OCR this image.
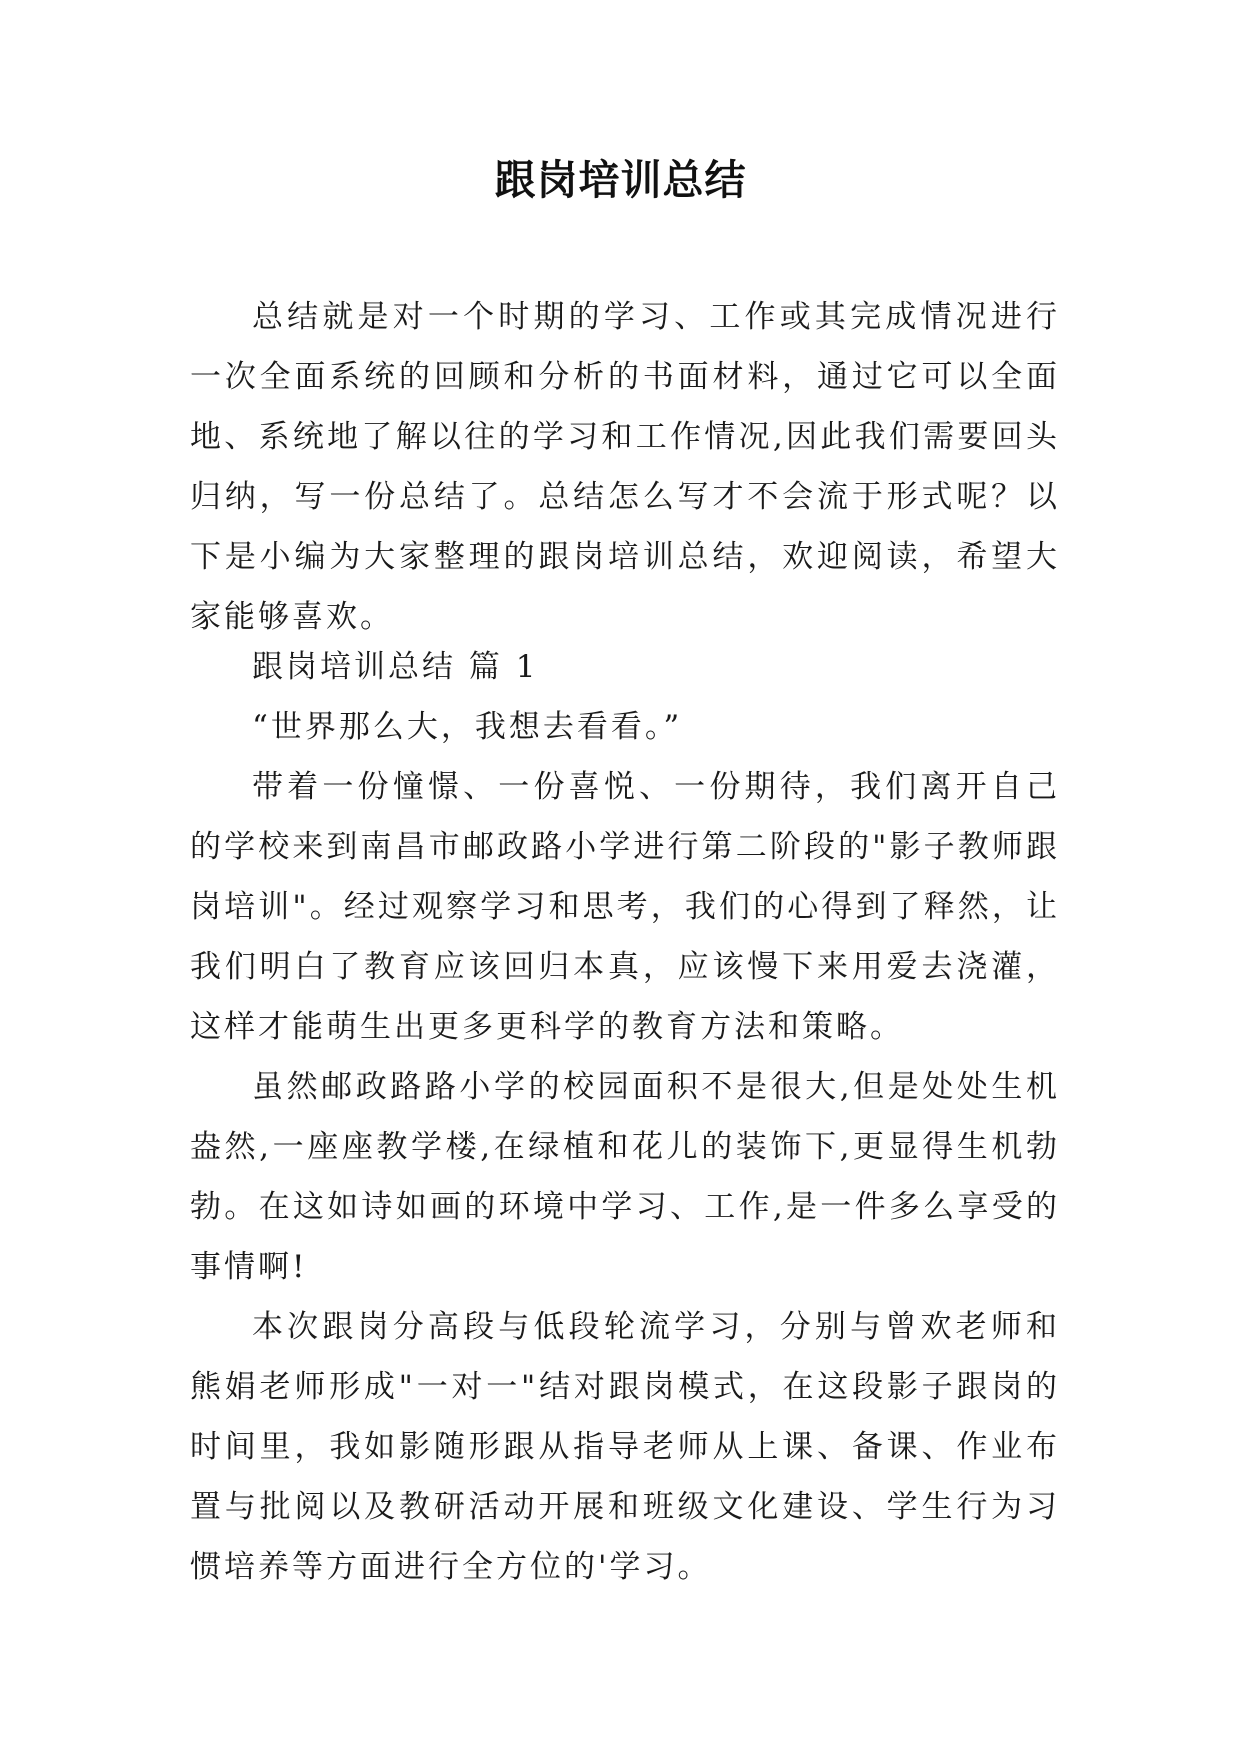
跟岗培训总结

总结就是对一个时期的学习、工作或其完成情况进行一次全面系统的回顾和分析的书面材料，通过它可以全面地、系统地了解以往的学习和工作情况,因此我们需要回头归纳，写一份总结了。总结怎么写才不会流于形式呢？以下是小编为大家整理的跟岗培训总结，欢迎阅读，希望大家能够喜欢。

跟岗培训总结 篇 1

“世界那么大，我想去看看。”

带着一份憧憬、一份喜悦、一份期待，我们离开自己的学校来到南昌市邮政路小学进行第二阶段的"影子教师跟岗培训"。经过观察学习和思考，我们的心得到了释然，让我们明白了教育应该回归本真，应该慢下来用爱去浇灌，这样才能萌生出更多更科学的教育方法和策略。

虽然邮政路路小学的校园面积不是很大,但是处处生机盎然,一座座教学楼,在绿植和花儿的装饰下,更显得生机勃勃。在这如诗如画的环境中学习、工作,是一件多么享受的事情啊!

本次跟岗分高段与低段轮流学习，分别与曾欢老师和熊娟老师形成"一对一"结对跟岗模式，在这段影子跟岗的时间里，我如影随形跟从指导老师从上课、备课、作业布置与批阅以及教研活动开展和班级文化建设、学生行为习惯培养等方面进行全方位的'学习。
